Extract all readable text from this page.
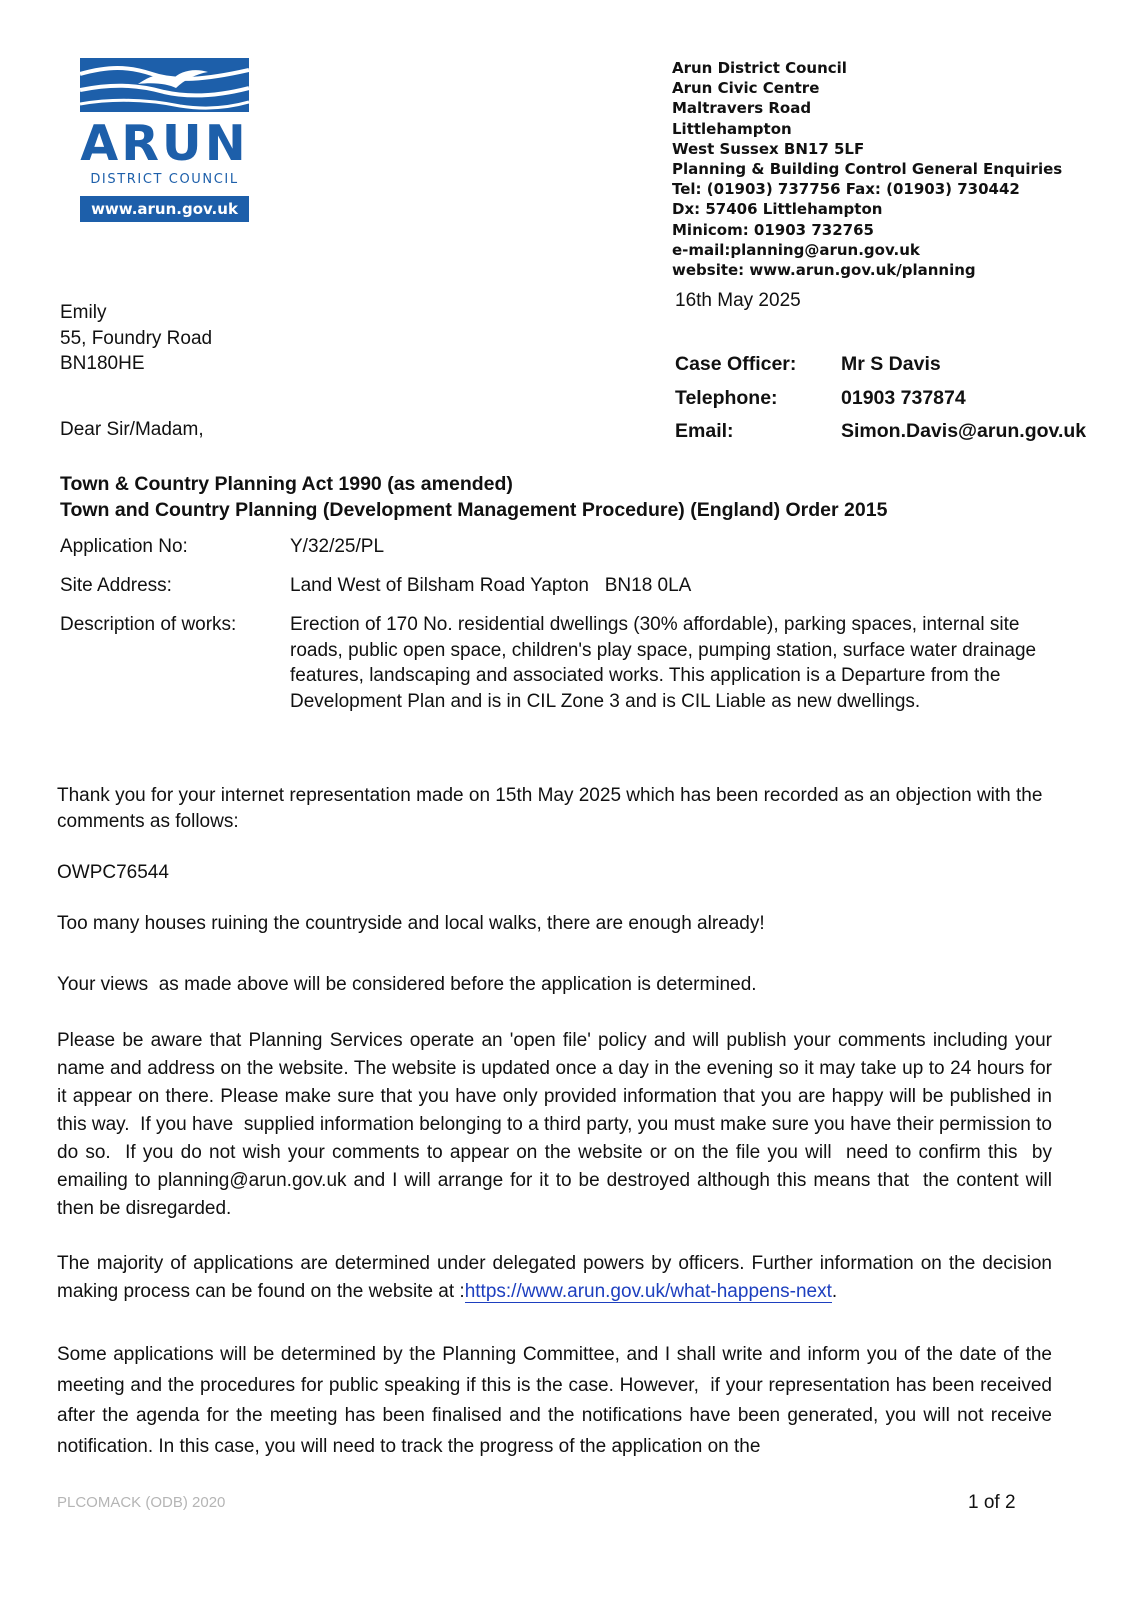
ARUN
DISTRICT COUNCIL
www.arun.gov.uk
Arun District Council
Arun Civic Centre
Maltravers Road
Littlehampton
West Sussex BN17 5LF
Planning & Building Control General Enquiries
Tel: (01903) 737756 Fax: (01903) 730442
Dx: 57406 Littlehampton
Minicom: 01903 732765
e-mail:planning@arun.gov.uk
website: www.arun.gov.uk/planning
16th May 2025
Emily
55, Foundry Road
BN180HE	Case Officer: Mr S Davis
Telephone:	01903 737874
Email:	Simon.Davis@arun.gov.uk
Dear Sir/Madam,
Town & Country Planning Act 1990 (as amended)
Town and Country Planning (Development Management Procedure) (England) Order 2015
Application No:	Y/32/25/PL
Site Address:	Land West of Bilsham Road Yapton   BN18 0LA
Description of works:	Erection of 170 No. residential dwellings (30% affordable), parking spaces, internal site roads, public open space, children's play space, pumping station, surface water drainage features, landscaping and associated works. This application is a Departure from the Development Plan and is in CIL Zone 3 and is CIL Liable as new dwellings.
Thank you for your internet representation made on 15th May 2025 which has been recorded as an objection with the comments as follows:
OWPC76544
Too many houses ruining the countryside and local walks, there are enough already!
Your views  as made above will be considered before the application is determined.
Please be aware that Planning Services operate an 'open file' policy and will publish your comments including your name and address on the website. The website is updated once a day in the evening so it may take up to 24 hours for it appear on there. Please make sure that you have only provided information that you are happy will be published in this way.  If you have  supplied information belonging to a third party, you must make sure you have their permission to do so.  If you do not wish your comments to appear on the website or on the file you will  need to confirm this  by emailing to planning@arun.gov.uk and I will arrange for it to be destroyed although this means that  the content will then be disregarded.
The majority of applications are determined under delegated powers by officers. Further information on the decision making process can be found on the website at :https://www.arun.gov.uk/what-happens-next.
Some applications will be determined by the Planning Committee, and I shall write and inform you of the date of the meeting and the procedures for public speaking if this is the case. However,  if your representation has been received after the agenda for the meeting has been finalised and the notifications have been generated, you will not receive notification. In this case, you will need to track the progress of the application on the
PLCOMACK (ODB) 2020	1 of 2
